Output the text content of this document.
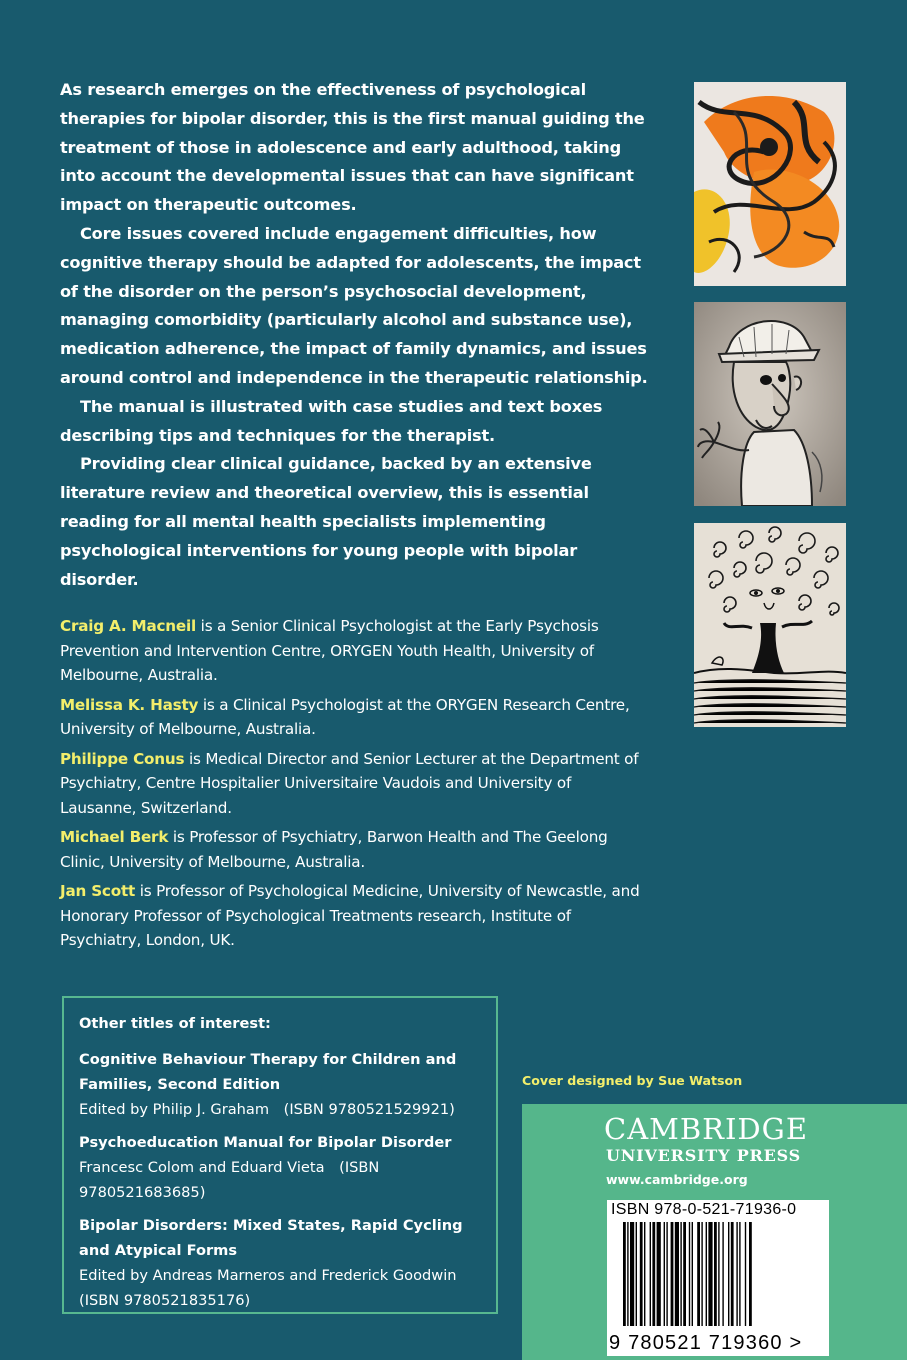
As research emerges on the effectiveness of psychological therapies for bipolar disorder, this is the first manual guiding the treatment of those in adolescence and early adulthood, taking into account the developmental issues that can have significant impact on therapeutic outcomes.

Core issues covered include engagement difficulties, how cognitive therapy should be adapted for adolescents, the impact of the disorder on the person’s psychosocial development, managing comorbidity (particularly alcohol and substance use), medication adherence, the impact of family dynamics, and issues around control and independence in the therapeutic relationship.

The manual is illustrated with case studies and text boxes describing tips and techniques for the therapist.

Providing clear clinical guidance, backed by an extensive literature review and theoretical overview, this is essential reading for all mental health specialists implementing psychological interventions for young people with bipolar disorder.

Craig A. Macneil is a Senior Clinical Psychologist at the Early Psychosis Prevention and Intervention Centre, ORYGEN Youth Health, University of Melbourne, Australia.

Melissa K. Hasty is a Clinical Psychologist at the ORYGEN Research Centre, University of Melbourne, Australia.

Philippe Conus is Medical Director and Senior Lecturer at the Department of Psychiatry, Centre Hospitalier Universitaire Vaudois and University of Lausanne, Switzerland.

Michael Berk is Professor of Psychiatry, Barwon Health and The Geelong Clinic, University of Melbourne, Australia.

Jan Scott is Professor of Psychological Medicine, University of Newcastle, and Honorary Professor of Psychological Treatments research, Institute of Psychiatry, London, UK.

Other titles of interest:
Cognitive Behaviour Therapy for Children and Families, Second Edition
Edited by Philip J. Graham (ISBN 9780521529921)
Psychoeducation Manual for Bipolar Disorder
Francesc Colom and Eduard Vieta (ISBN 9780521683685)
Bipolar Disorders: Mixed States, Rapid Cycling and Atypical Forms
Edited by Andreas Marneros and Frederick Goodwin (ISBN 9780521835176)
Cover designed by Sue Watson
CAMBRIDGE
UNIVERSITY PRESS
www.cambridge.org
ISBN 978-0-521-71936-0
9 780521 719360 >
